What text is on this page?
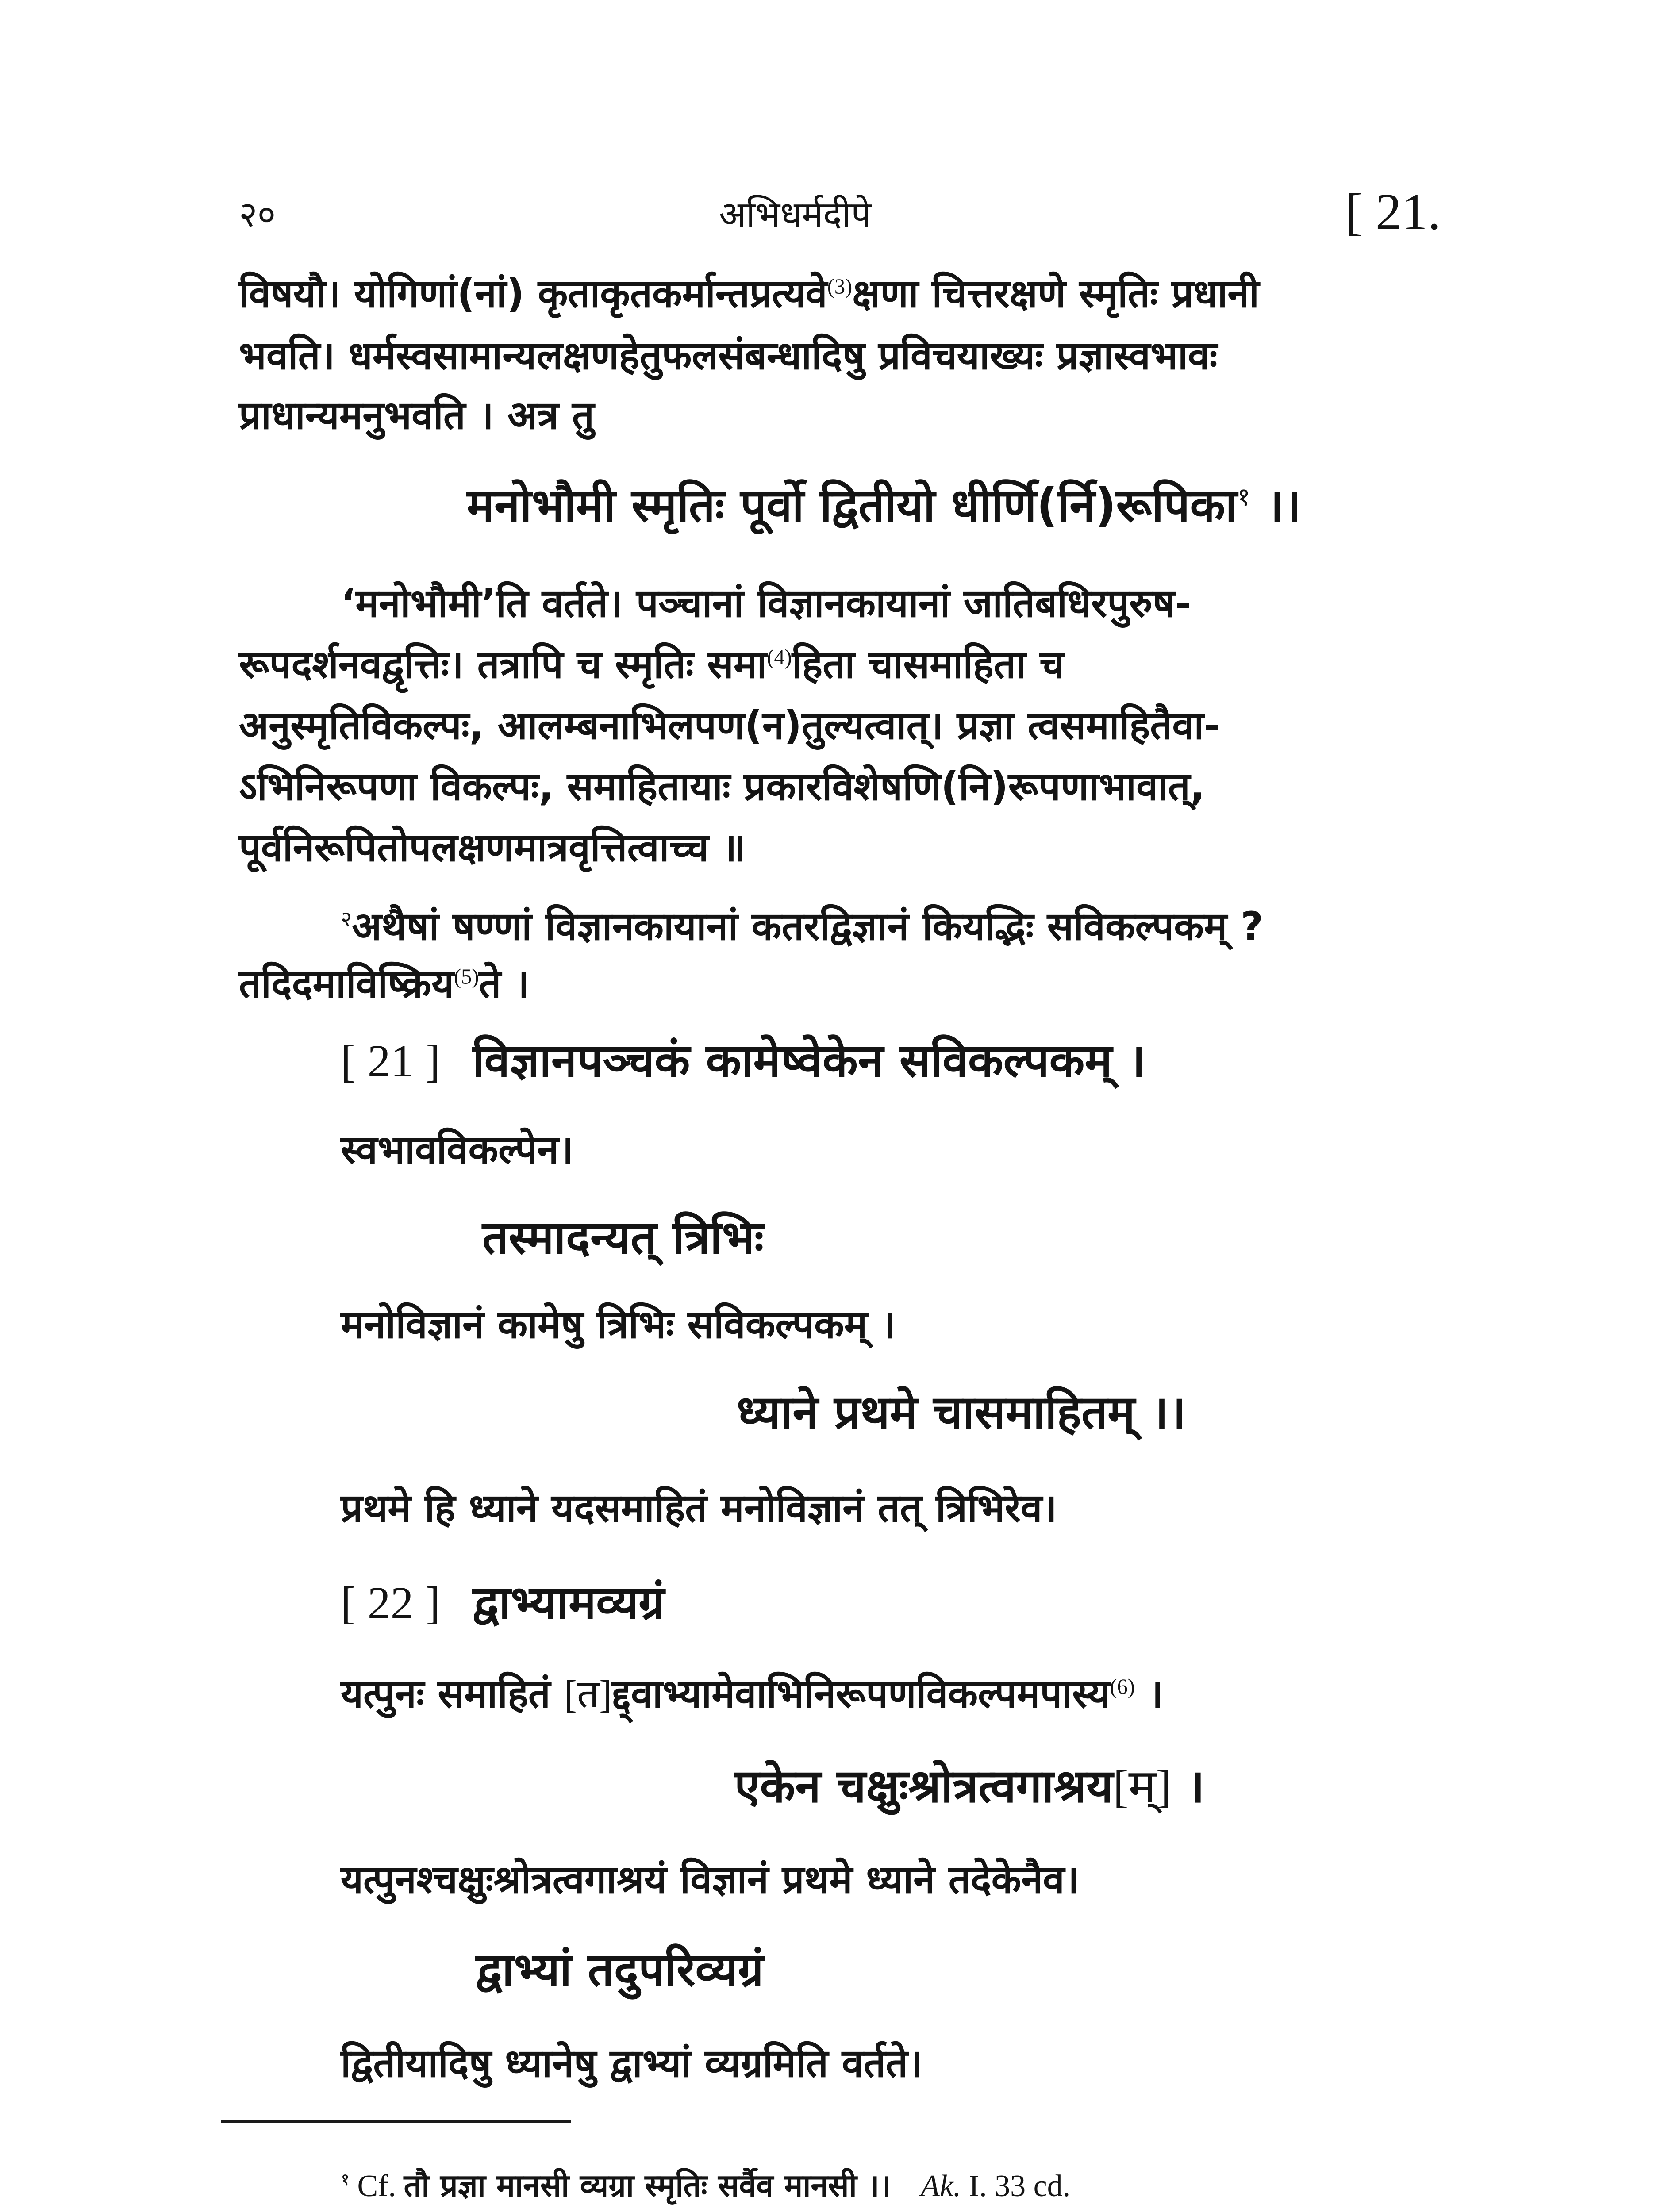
२०	अभिधर्मदीपे	[ 21.
विषयौ। योगिणां(नां) कृताकृतकर्मान्तप्रत्यवे$^{(3)}$क्षणा चित्तरक्षणे स्मृतिः प्रधानी
भवति। धर्मस्वसामान्यलक्षणहेतुफलसंबन्धादिषु प्रविचयाख्यः प्रज्ञास्वभावः
प्राधान्यमनुभवति । अत्र तु
मनोभौमी स्मृतिः पूर्वो द्वितीयो धीर्णि(र्नि)रूपिका$^१$ ।।
‘मनोभौमी’ति वर्तते। पञ्चानां विज्ञानकायानां जातिबधिरपुरुष-
रूपदर्शनवद्वृत्तिः। तत्रापि च स्मृतिः समा$^{(4)}$हिता चासमाहिता च
अनुस्मृतिविकल्पः, आलम्बनाभिलपण(न)तुल्यत्वात्। प्रज्ञा त्वसमाहितैवा-
ऽभिनिरूपणा विकल्पः, समाहितायाः प्रकारविशेषणि(नि)रूपणाभावात्,
पूर्वनिरूपितोपलक्षणमात्रवृत्तित्वाच्च ॥
$^२$अथैषां षण्णां विज्ञानकायानां कतरद्विज्ञानं कियद्भिः सविकल्पकम् ?
तदिदमाविष्क्रिय$^{(5)}$ते ।
[ 21 ] विज्ञानपञ्चकं कामेष्वेकेन सविकल्पकम् ।
स्वभावविकल्पेन।
तस्मादन्यत् त्रिभिः
मनोविज्ञानं कामेषु त्रिभिः सविकल्पकम् ।
ध्याने प्रथमे चासमाहितम् ।।
प्रथमे हि ध्याने यदसमाहितं मनोविज्ञानं तत् त्रिभिरेव।
[ 22 ] द्वाभ्यामव्यग्रं
यत्पुनः समाहितं [त]द्द्वाभ्यामेवाभिनिरूपणविकल्पमपास्य$^{(6)}$ ।
एकेन चक्षुःश्रोत्रत्वगाश्रय[म्] ।
यत्पुनश्चक्षुःश्रोत्रत्वगाश्रयं विज्ञानं प्रथमे ध्याने तदेकेनैव।
द्वाभ्यां तदुपरिव्यग्रं
द्वितीयादिषु ध्यानेषु द्वाभ्यां व्यग्रमिति वर्तते।
$^१$ Cf. तौ प्रज्ञा मानसी व्यग्रा स्मृतिः सर्वैव मानसी ।। Ak. I. 33 cd.
